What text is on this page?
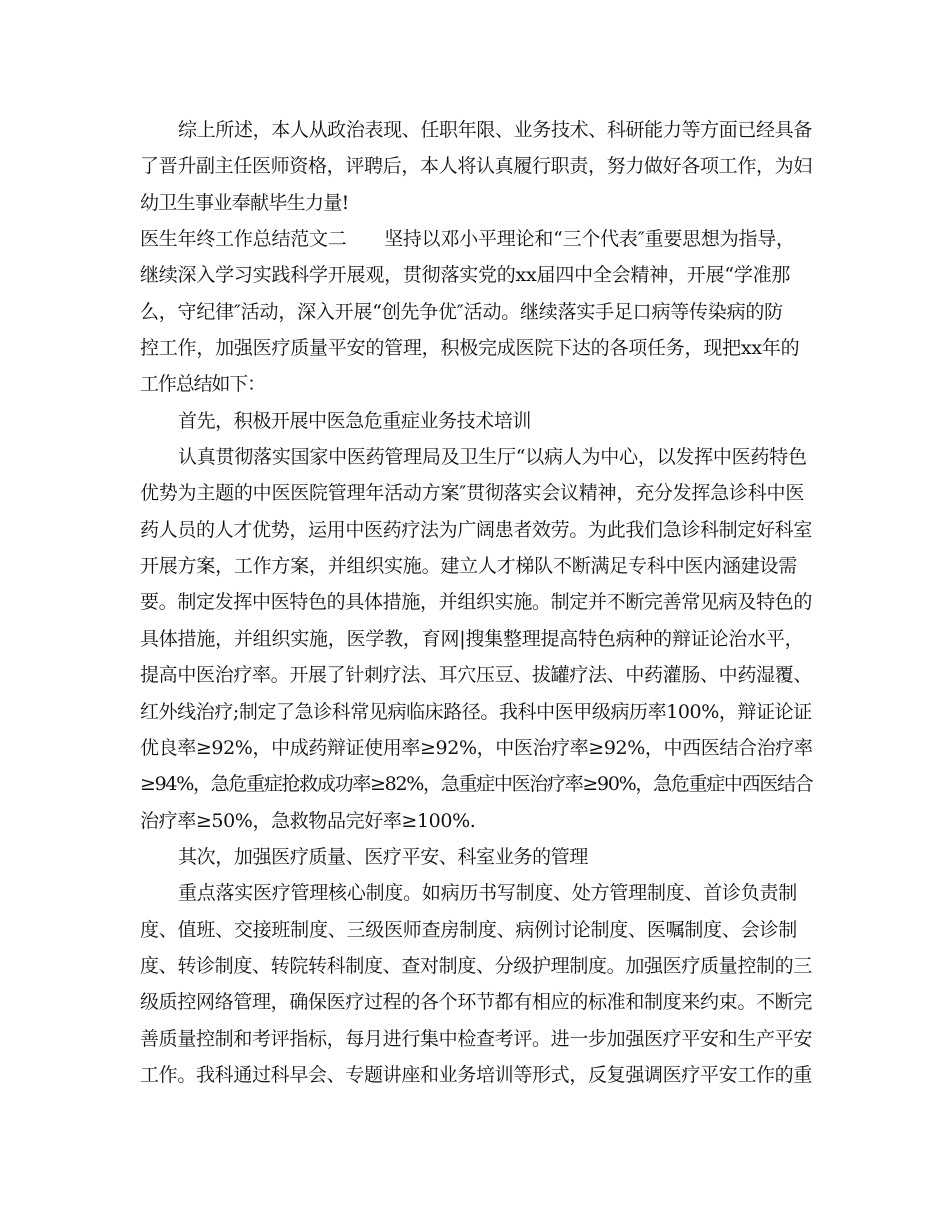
综上所述，本人从政治表现、任职年限、业务技术、科研能力等方面已经具备
了晋升副主任医师资格，评聘后，本人将认真履行职责，努力做好各项工作，为妇
幼卫生事业奉献毕生力量!
医生年终工作总结范文二　　坚持以邓小平理论和“三个代表″重要思想为指导，
继续深入学习实践科学开展观，贯彻落实党的xx届四中全会精神，开展“学准那
么，守纪律″活动，深入开展“创先争优″活动。继续落实手足口病等传染病的防
控工作，加强医疗质量平安的管理，积极完成医院下达的各项任务，现把xx年的
工作总结如下：
首先，积极开展中医急危重症业务技术培训
认真贯彻落实国家中医药管理局及卫生厅“以病人为中心，以发挥中医药特色
优势为主题的中医医院管理年活动方案″贯彻落实会议精神，充分发挥急诊科中医
药人员的人才优势，运用中医药疗法为广阔患者效劳。为此我们急诊科制定好科室
开展方案，工作方案，并组织实施。建立人才梯队不断满足专科中医内涵建设需
要。制定发挥中医特色的具体措施，并组织实施。制定并不断完善常见病及特色的
具体措施，并组织实施，医学教，育网|搜集整理提高特色病种的辩证论治水平，
提高中医治疗率。开展了针刺疗法、耳穴压豆、拔罐疗法、中药灌肠、中药湿覆、
红外线治疗;制定了急诊科常见病临床路径。我科中医甲级病历率100%，辩证论证
优良率≥92%，中成药辩证使用率≥92%，中医治疗率≥92%，中西医结合治疗率
≥94%，急危重症抢救成功率≥82%，急重症中医治疗率≥90%，急危重症中西医结合
治疗率≥50%，急救物品完好率≥100%.
其次，加强医疗质量、医疗平安、科室业务的管理
重点落实医疗管理核心制度。如病历书写制度、处方管理制度、首诊负责制
度、值班、交接班制度、三级医师查房制度、病例讨论制度、医嘱制度、会诊制
度、转诊制度、转院转科制度、查对制度、分级护理制度。加强医疗质量控制的三
级质控网络管理，确保医疗过程的各个环节都有相应的标准和制度来约束。不断完
善质量控制和考评指标，每月进行集中检查考评。进一步加强医疗平安和生产平安
工作。我科通过科早会、专题讲座和业务培训等形式，反复强调医疗平安工作的重
